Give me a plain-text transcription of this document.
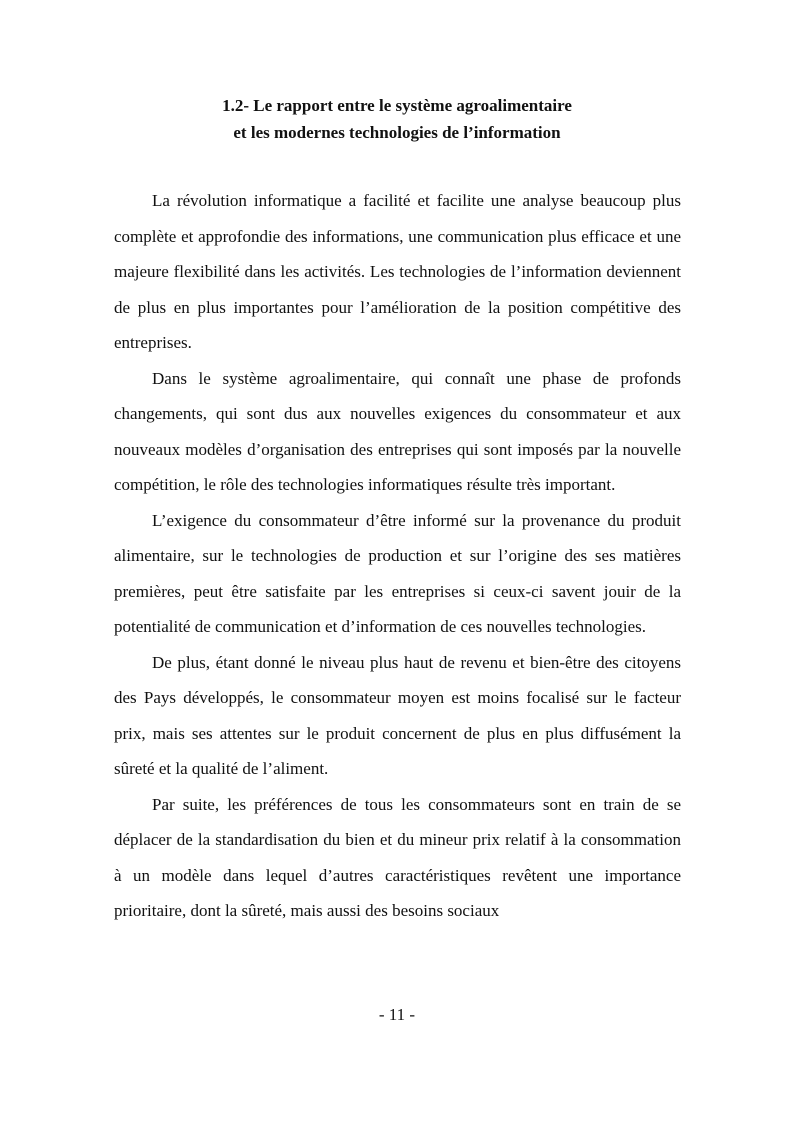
1.2- Le rapport entre le système agroalimentaire
et les modernes technologies de l’information

La révolution informatique a facilité et facilite une analyse beaucoup plus complète et approfondie des informations, une communication plus efficace et une majeure flexibilité dans les activités. Les technologies de l’information deviennent de plus en plus importantes pour l’amélioration de la position compétitive des entreprises.

Dans le système agroalimentaire, qui connaît une phase de profonds changements, qui sont dus aux nouvelles exigences du consommateur et aux nouveaux modèles d’organisation des entreprises qui sont imposés par la nouvelle compétition, le rôle des technologies informatiques résulte très important.

L’exigence du consommateur d’être informé sur la provenance du produit alimentaire, sur le technologies de production et sur l’origine des ses matières premières, peut être satisfaite par les entreprises si ceux-ci savent jouir de la potentialité de communication et d’information de ces nouvelles technologies.

De plus, étant donné le niveau plus haut de revenu et bien-être des citoyens des Pays développés, le consommateur moyen est moins focalisé sur le facteur prix, mais ses attentes sur le produit concernent de plus en plus diffusément la sûreté et la qualité de l’aliment.

Par suite, les préférences de tous les consommateurs sont en train de se déplacer de la standardisation du bien et du mineur prix relatif à la consommation à un modèle dans lequel d’autres caractéristiques revêtent une importance prioritaire, dont la sûreté, mais aussi des besoins sociaux

- 11 -
